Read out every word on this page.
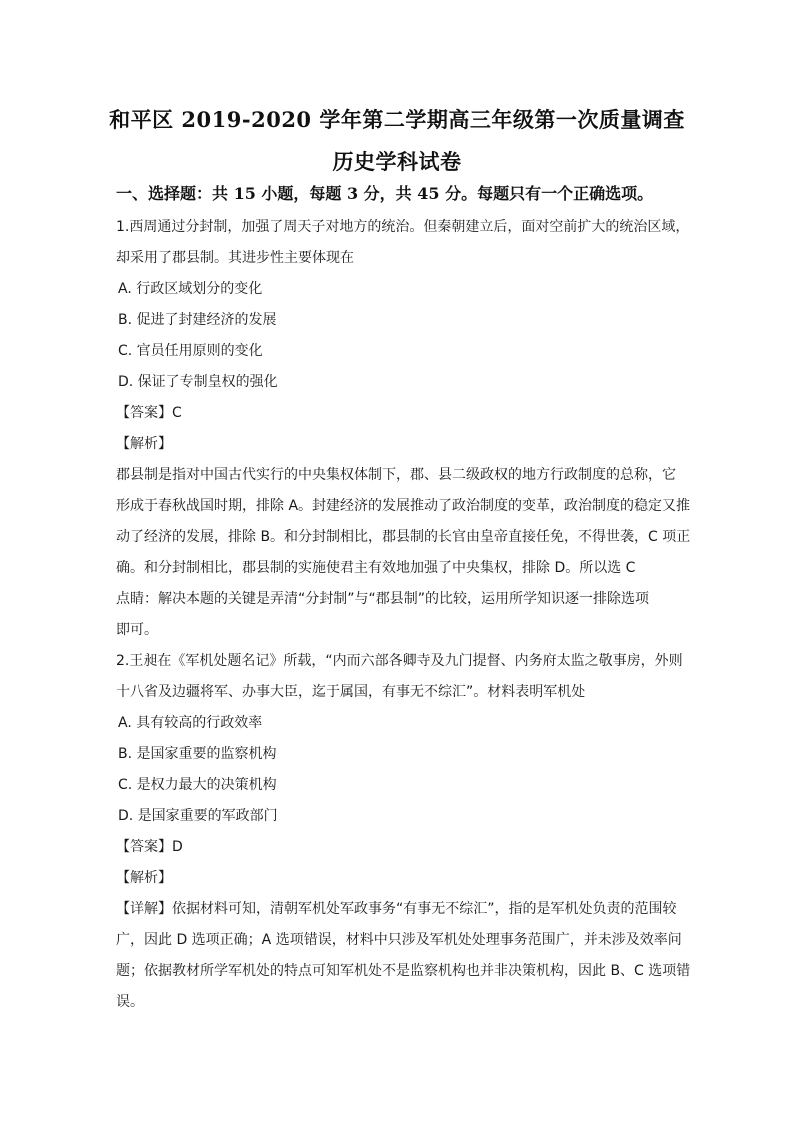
和平区 2019-2020 学年第二学期高三年级第一次质量调查
历史学科试卷
一、选择题：共 15 小题，每题 3 分，共 45 分。每题只有一个正确选项。
1.西周通过分封制，加强了周天子对地方的统治。但秦朝建立后，面对空前扩大的统治区域，
却采用了郡县制。其进步性主要体现在
A. 行政区域划分的变化
B. 促进了封建经济的发展
C. 官员任用原则的变化
D. 保证了专制皇权的强化
【答案】C
【解析】
郡县制是指对中国古代实行的中央集权体制下，郡、县二级政权的地方行政制度的总称，它
形成于春秋战国时期，排除 A。封建经济的发展推动了政治制度的变革，政治制度的稳定又推
动了经济的发展，排除 B。和分封制相比，郡县制的长官由皇帝直接任免，不得世袭，C 项正
确。和分封制相比，郡县制的实施使君主有效地加强了中央集权，排除 D。所以选 C
点睛：解决本题的关键是弄清“分封制”与“郡县制”的比较，运用所学知识逐一排除选项
即可。
2.王昶在《军机处题名记》所载，“内而六部各卿寺及九门提督、内务府太监之敬事房，外则
十八省及边疆将军、办事大臣，迄于属国，有事无不综汇”。材料表明军机处
A. 具有较高的行政效率
B. 是国家重要的监察机构
C. 是权力最大的决策机构
D. 是国家重要的军政部门
【答案】D
【解析】
【详解】依据材料可知，清朝军机处军政事务“有事无不综汇”，指的是军机处负责的范围较
广，因此 D 选项正确；A 选项错误，材料中只涉及军机处处理事务范围广，并未涉及效率问
题；依据教材所学军机处的特点可知军机处不是监察机构也并非决策机构，因此 B、C 选项错
误。
